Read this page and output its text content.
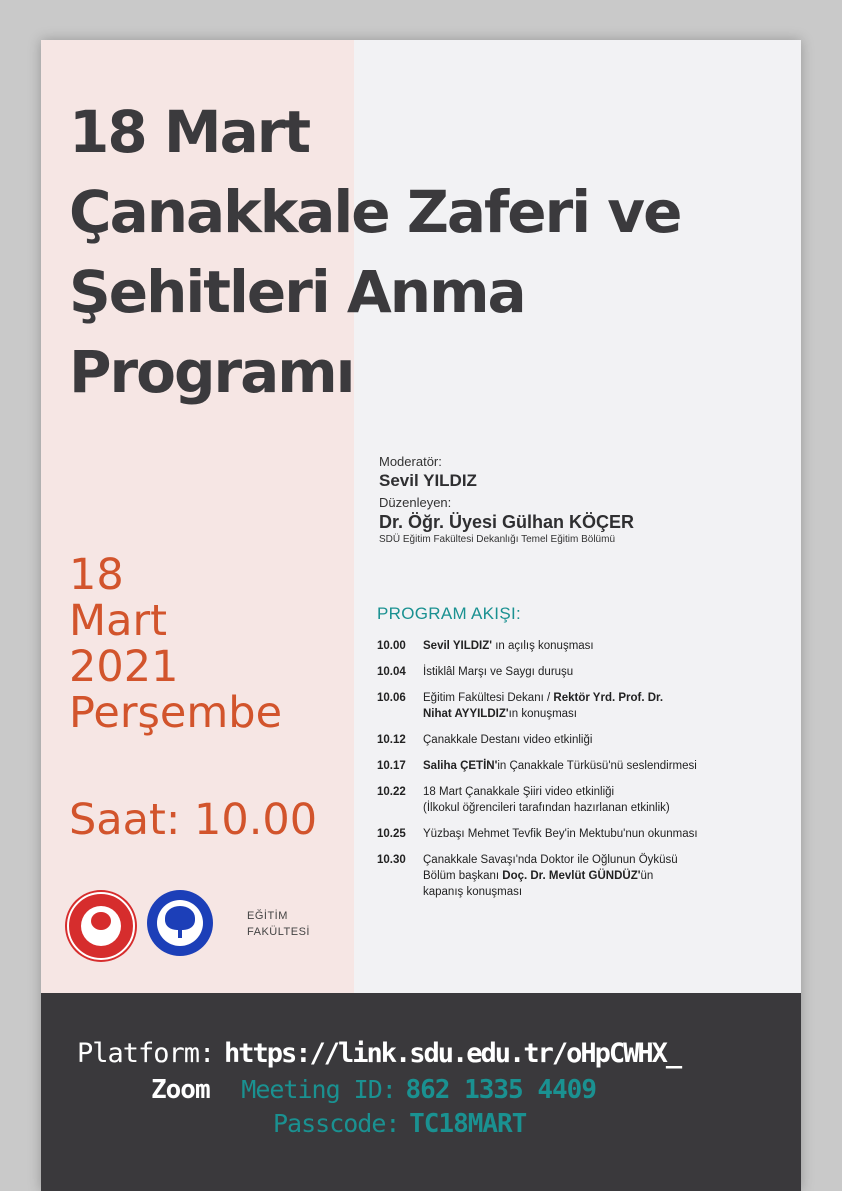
18 Mart
Çanakkale Zaferi ve
Şehitleri Anma
Programı
18
Mart
2021
Perşembe
Saat: 10.00
EĞİTİM
FAKÜLTESİ
Moderatör:
Sevil YILDIZ
Düzenleyen:
Dr. Öğr. Üyesi Gülhan KÖÇER
SDÜ Eğitim Fakültesi Dekanlığı Temel Eğitim Bölümü
PROGRAM AKIŞI:
10.00	Sevil YILDIZ' ın açılış konuşması
10.04	İstiklâl Marşı ve Saygı duruşu
10.06	Eğitim Fakültesi Dekanı / Rektör Yrd. Prof. Dr.
Nihat AYYILDIZ'ın konuşması
10.12	Çanakkale Destanı video etkinliği
10.17	Saliha ÇETİN'in Çanakkale Türküsü'nü seslendirmesi
10.22	18 Mart Çanakkale Şiiri video etkinliği
(İlkokul öğrencileri tarafından hazırlanan etkinlik)
10.25	Yüzbaşı Mehmet Tevfik Bey'in Mektubu'nun okunması
10.30	Çanakkale Savaşı'nda Doktor ile Oğlunun Öyküsü
Bölüm başkanı Doç. Dr. Mevlüt GÜNDÜZ'ün
kapanış konuşması
Platform: https://link.sdu.edu.tr/oHpCWHX_
Zoom Meeting ID: 862 1335 4409
Passcode: TC18MART
